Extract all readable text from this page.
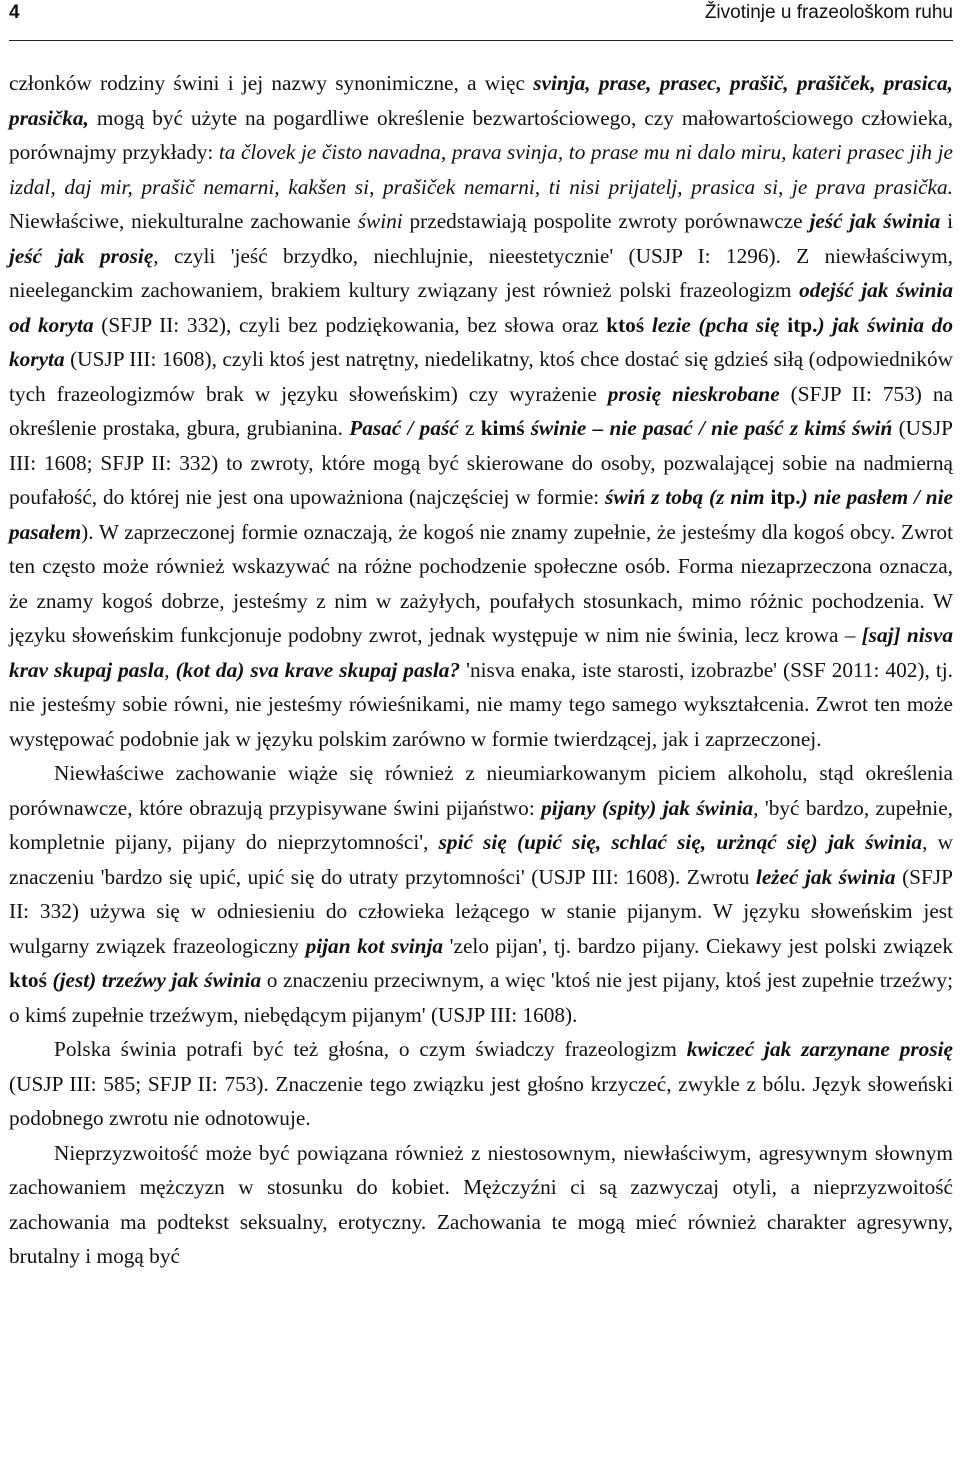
4	Životinje u frazeološkom ruhu

członków rodziny świni i jej nazwy synonimiczne, a więc svinja, prase, prasec, prašič, prašiček, prasica, prasička, mogą być użyte na pogardliwe określenie bezwartościowego, czy małowartościowego człowieka, porównajmy przykłady: ta človek je čisto navadna, prava svinja, to prase mu ni dalo miru, kateri prasec jih je izdal, daj mir, prašič nemarni, kakšen si, prašiček nemarni, ti nisi prijatelj, prasica si, je prava prasička. Niewłaściwe, niekulturalne zachowanie świni przedstawiają pospolite zwroty porównawcze jeść jak świnia i jeść jak prosię, czyli 'jeść brzydko, niechlujnie, nieestetycznie' (USJP I: 1296). Z niewłaściwym, nieeleganckim zachowaniem, brakiem kultury związany jest również polski frazeologizm odejść jak świnia od koryta (SFJP II: 332), czyli bez podziękowania, bez słowa oraz ktoś lezie (pcha się itp.) jak świnia do koryta (USJP III: 1608), czyli ktoś jest natrętny, niedelikatny, ktoś chce dostać się gdzieś siłą (odpowiedników tych frazeologizmów brak w języku słoweńskim) czy wyrażenie prosię nieskrobane (SFJP II: 753) na określenie prostaka, gbura, grubianina. Pasać / paść z kimś świnie – nie pasać / nie paść z kimś świń (USJP III: 1608; SFJP II: 332) to zwroty, które mogą być skierowane do osoby, pozwalającej sobie na nadmierną poufałość, do której nie jest ona upoważniona (najczęściej w formie: świń z tobą (z nim itp.) nie pasłem / nie pasałem). W zaprzeczonej formie oznaczają, że kogoś nie znamy zupełnie, że jesteśmy dla kogoś obcy. Zwrot ten często może również wskazywać na różne pochodzenie społeczne osób. Forma niezaprzeczona oznacza, że znamy kogoś dobrze, jesteśmy z nim w zażyłych, poufałych stosunkach, mimo różnic pochodzenia. W języku słoweńskim funkcjonuje podobny zwrot, jednak występuje w nim nie świnia, lecz krowa – [saj] nisva krav skupaj pasla, (kot da) sva krave skupaj pasla? 'nisva enaka, iste starosti, izobrazbe' (SSF 2011: 402), tj. nie jesteśmy sobie równi, nie jesteśmy rówieśnikami, nie mamy tego samego wykształcenia. Zwrot ten może występować podobnie jak w języku polskim zarówno w formie twierdzącej, jak i zaprzeczonej.

Niewłaściwe zachowanie wiąże się również z nieumiarkowanym piciem alkoholu, stąd określenia porównawcze, które obrazują przypisywane świni pijaństwo: pijany (spity) jak świnia, 'być bardzo, zupełnie, kompletnie pijany, pijany do nieprzytomności', spić się (upić się, schlać się, urżnąć się) jak świnia, w znaczeniu 'bardzo się upić, upić się do utraty przytomności' (USJP III: 1608). Zwrotu leżeć jak świnia (SFJP II: 332) używa się w odniesieniu do człowieka leżącego w stanie pijanym. W języku słoweńskim jest wulgarny związek frazeologiczny pijan kot svinja 'zelo pijan', tj. bardzo pijany. Ciekawy jest polski związek ktoś (jest) trzeźwy jak świnia o znaczeniu przeciwnym, a więc 'ktoś nie jest pijany, ktoś jest zupełnie trzeźwy; o kimś zupełnie trzeźwym, niebędącym pijanym' (USJP III: 1608).

Polska świnia potrafi być też głośna, o czym świadczy frazeologizm kwiczeć jak zarzynane prosię (USJP III: 585; SFJP II: 753). Znaczenie tego związku jest głośno krzyczeć, zwykle z bólu. Język słoweński podobnego zwrotu nie odnotowuje.

Nieprzyzwoitość może być powiązana również z niestosownym, niewłaściwym, agresywnym słownym zachowaniem mężczyzn w stosunku do kobiet. Mężczyźni ci są zazwyczaj otyli, a nieprzyzwoitość zachowania ma podtekst seksualny, erotyczny. Zachowania te mogą mieć również charakter agresywny, brutalny i mogą być
